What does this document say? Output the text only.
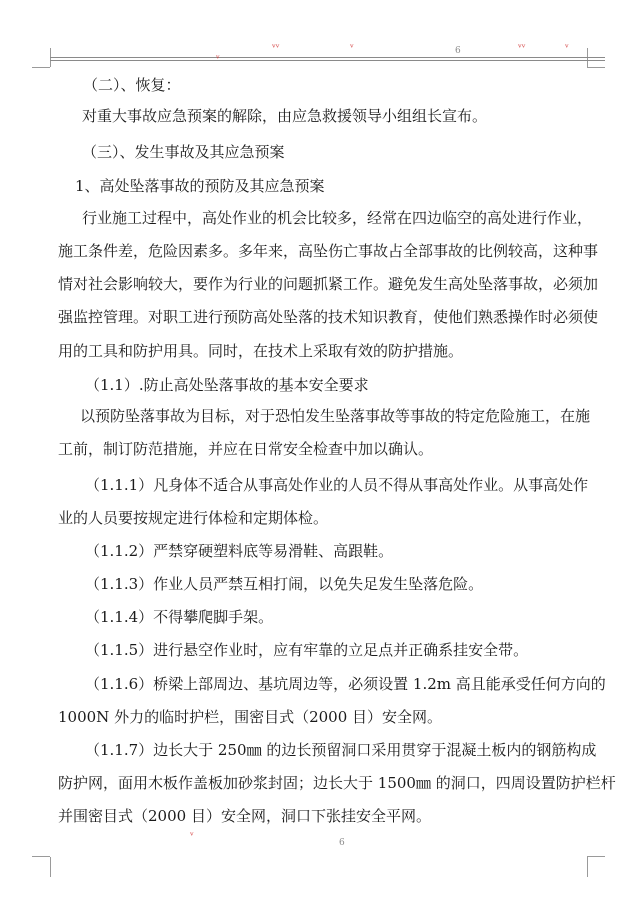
6
ᵛᵛ	ᵛ	ᵛᵛ	ᵛ
ᵛ
（二）、恢复：
对重大事故应急预案的解除，由应急救援领导小组组长宣布。
（三）、发生事故及其应急预案
1、高处坠落事故的预防及其应急预案
行业施工过程中，高处作业的机会比较多，经常在四边临空的高处进行作业，
施工条件差，危险因素多。多年来，高坠伤亡事故占全部事故的比例较高，这种事
情对社会影响较大，要作为行业的问题抓紧工作。避免发生高处坠落事故，必须加
强监控管理。对职工进行预防高处坠落的技术知识教育，使他们熟悉操作时必须使
用的工具和防护用具。同时，在技术上采取有效的防护措施。
（1.1）.防止高处坠落事故的基本安全要求
以预防坠落事故为目标，对于恐怕发生坠落事故等事故的特定危险施工，在施
工前，制订防范措施，并应在日常安全检查中加以确认。
（1.1.1）凡身体不适合从事高处作业的人员不得从事高处作业。从事高处作
业的人员要按规定进行体检和定期体检。
（1.1.2）严禁穿硬塑料底等易滑鞋、高跟鞋。
（1.1.3）作业人员严禁互相打闹，以免失足发生坠落危险。
（1.1.4）不得攀爬脚手架。
（1.1.5）进行悬空作业时，应有牢靠的立足点并正确系挂安全带。
（1.1.6）桥梁上部周边、基坑周边等，必须设置 1.2m 高且能承受任何方向的
1000N 外力的临时护栏，围密目式（2000 目）安全网。
（1.1.7）边长大于 250㎜ 的边长预留洞口采用贯穿于混凝土板内的钢筋构成
防护网，面用木板作盖板加砂浆封固；边长大于 1500㎜ 的洞口，四周设置防护栏杆
并围密目式（2000 目）安全网，洞口下张挂安全平网。
ᵛ
6
